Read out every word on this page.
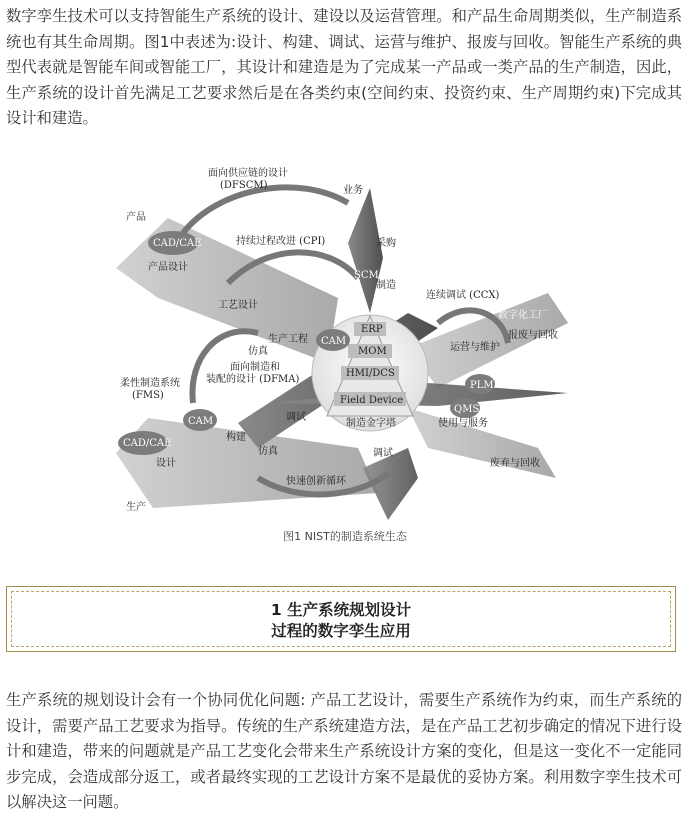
数字孪生技术可以支持智能生产系统的设计、建设以及运营管理。和产品生命周期类似，生产制造系统也有其生命周期。图1中表述为:设计、构建、调试、运营与维护、报废与回收。智能生产系统的典型代表就是智能车间或智能工厂，其设计和建造是为了完成某一产品或一类产品的生产制造，因此，生产系统的设计首先满足工艺要求然后是在各类约束(空间约束、投资约束、生产周期约束)下完成其设计和建造。

面向供应链的设计
(DFSCM)	业务
产品
CAD/CAE	持续过程改进 (CPI)	采购
产品设计
SCM
制造
连续调试 (CCX)
数字化工厂
工艺设计
ERP
报废与回收
生产工程
MOM	运营与维护
CAM
仿真
面向制造和
装配的设计 (DFMA)
HMI/DCS
柔性制造系统
(FMS)	Field Device
PLM
QMS
制造金字塔	使用与服务
CAM	调试
CAD/CAE
构建
设计
仿真	调试
废弃与回收
快速创新循环
生产
图1 NIST的制造系统生态
1 生产系统规划设计
过程的数字孪生应用

生产系统的规划设计会有一个协同优化问题: 产品工艺设计，需要生产系统作为约束，而生产系统的设计，需要产品工艺要求为指导。传统的生产系统建造方法，是在产品工艺初步确定的情况下进行设计和建造，带来的问题就是产品工艺变化会带来生产系统设计方案的变化，但是这一变化不一定能同步完成，会造成部分返工，或者最终实现的工艺设计方案不是最优的妥协方案。利用数字孪生技术可以解决这一问题。
